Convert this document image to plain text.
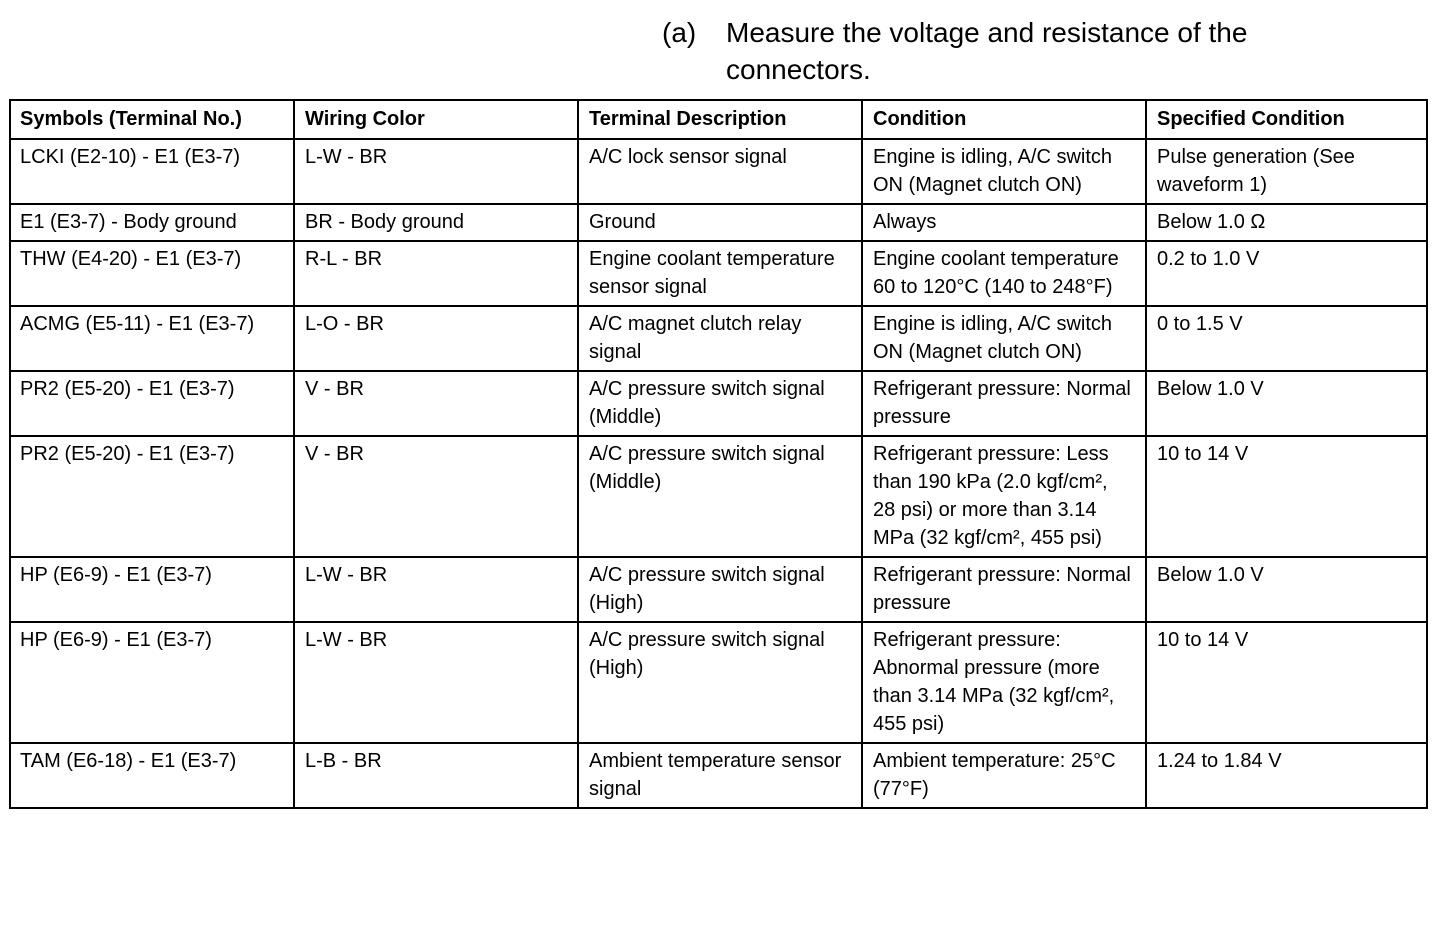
(a) Measure the voltage and resistance of the connectors.
Symbols (Terminal No.)	Wiring Color	Terminal Description	Condition	Specified Condition
LCKI (E2-10) - E1 (E3-7)	L-W - BR	A/C lock sensor signal	Engine is idling, A/C switch ON (Magnet clutch ON)	Pulse generation (See waveform 1)
E1 (E3-7) - Body ground	BR - Body ground	Ground	Always	Below 1.0 Ω
THW (E4-20) - E1 (E3-7)	R-L - BR	Engine coolant temperature sensor signal	Engine coolant temperature 60 to 120°C (140 to 248°F)	0.2 to 1.0 V
ACMG (E5-11) - E1 (E3-7)	L-O - BR	A/C magnet clutch relay signal	Engine is idling, A/C switch ON (Magnet clutch ON)	0 to 1.5 V
PR2 (E5-20) - E1 (E3-7)	V - BR	A/C pressure switch signal (Middle)	Refrigerant pressure: Normal pressure	Below 1.0 V
PR2 (E5-20) - E1 (E3-7)	V - BR	A/C pressure switch signal (Middle)	Refrigerant pressure: Less than 190 kPa (2.0 kgf/cm², 28 psi) or more than 3.14 MPa (32 kgf/cm², 455 psi)	10 to 14 V
HP (E6-9) - E1 (E3-7)	L-W - BR	A/C pressure switch signal (High)	Refrigerant pressure: Normal pressure	Below 1.0 V
HP (E6-9) - E1 (E3-7)	L-W - BR	A/C pressure switch signal (High)	Refrigerant pressure: Abnormal pressure (more than 3.14 MPa (32 kgf/cm², 455 psi)	10 to 14 V
TAM (E6-18) - E1 (E3-7)	L-B - BR	Ambient temperature sensor signal	Ambient temperature: 25°C (77°F)	1.24 to 1.84 V
